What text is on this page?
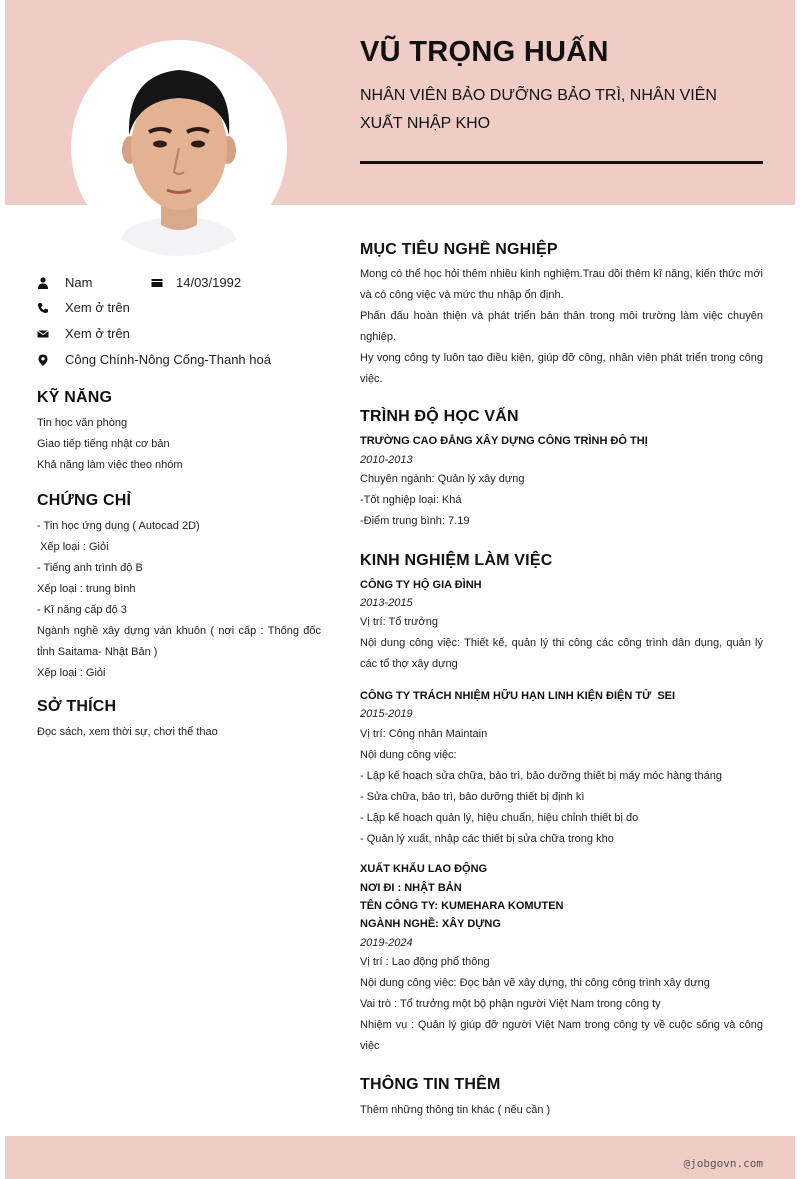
VŨ TRỌNG HUẤN
NHÂN VIÊN BẢO DƯỠNG BẢO TRÌ, NHÂN VIÊN XUẤT NHẬP KHO
Nam	14/03/1992
Xem ở trên
Xem ở trên
Công Chính-Nông Cống-Thanh hoá
KỸ NĂNG
Tin học văn phòng
Giao tiếp tiếng nhật cơ bản
Khả năng làm việc theo nhóm
CHỨNG CHỈ
- Tin học ứng dụng ( Autocad 2D)
Xếp loại : Giỏi
- Tiếng anh trình độ B
Xếp loại : trung bình
- Kĩ năng cấp độ 3
Ngành nghề xây dựng ván khuôn ( nơi cấp : Thống đốc tỉnh Saitama- Nhật Bản )
Xếp loại : Giỏi
SỞ THÍCH
Đọc sách, xem thời sự, chơi thể thao
MỤC TIÊU NGHỀ NGHIỆP
Mong có thể học hỏi thêm nhiều kinh nghiệm.Trau dồi thêm kĩ năng, kiến thức mới và có công việc và mức thu nhập ổn định.
Phấn đấu hoàn thiện và phát triển bản thân trong môi trường làm việc chuyên nghiệp.
Hy vọng công ty luôn tạo điều kiện, giúp đỡ công, nhân viên phát triển trong công việc.
TRÌNH ĐỘ HỌC VẤN
TRƯỜNG CAO ĐẲNG XÂY DỰNG CÔNG TRÌNH ĐÔ THỊ
2010-2013
Chuyên ngành: Quản lý xây dựng
-Tốt nghiệp loại: Khá
-Điểm trung bình: 7.19
KINH NGHIỆM LÀM VIỆC
CÔNG TY HỘ GIA ĐÌNH
2013-2015
Vị trí: Tổ trưởng
Nội dung công việc: Thiết kế, quản lý thi công các công trình dân dụng, quản lý các tổ thợ xây dựng
CÔNG TY TRÁCH NHIỆM HỮU HẠN LINH KIỆN ĐIỆN TỬ  SEI
2015-2019
Vị trí: Công nhân Maintain
Nội dung công việc:
- Lập kế hoạch sửa chữa, bảo trì, bảo dưỡng thiết bị máy móc hàng tháng
- Sửa chữa, bảo trì, bảo dưỡng thiết bị định kì
- Lập kế hoạch quản lý, hiệu chuẩn, hiệu chỉnh thiết bị đo
- Quản lý xuất, nhập các thiết bị sửa chữa trong kho
XUẤT KHẨU LAO ĐỘNG
NƠI ĐI : NHẬT BẢN
TÊN CÔNG TY: KUMEHARA KOMUTEN
NGÀNH NGHỀ: XÂY DỰNG
2019-2024
Vị trí : Lao động phổ thông
Nội dung công việc: Đọc bản vẽ xây dựng, thi công công trình xây dựng
Vai trò : Tổ trưởng một bộ phận người Việt Nam trong công ty
Nhiệm vụ : Quản lý giúp đỡ người Việt Nam trong công ty về cuộc sống và công việc
THÔNG TIN THÊM
Thêm những thông tin khác ( nếu cần )
@jobgovn.com
